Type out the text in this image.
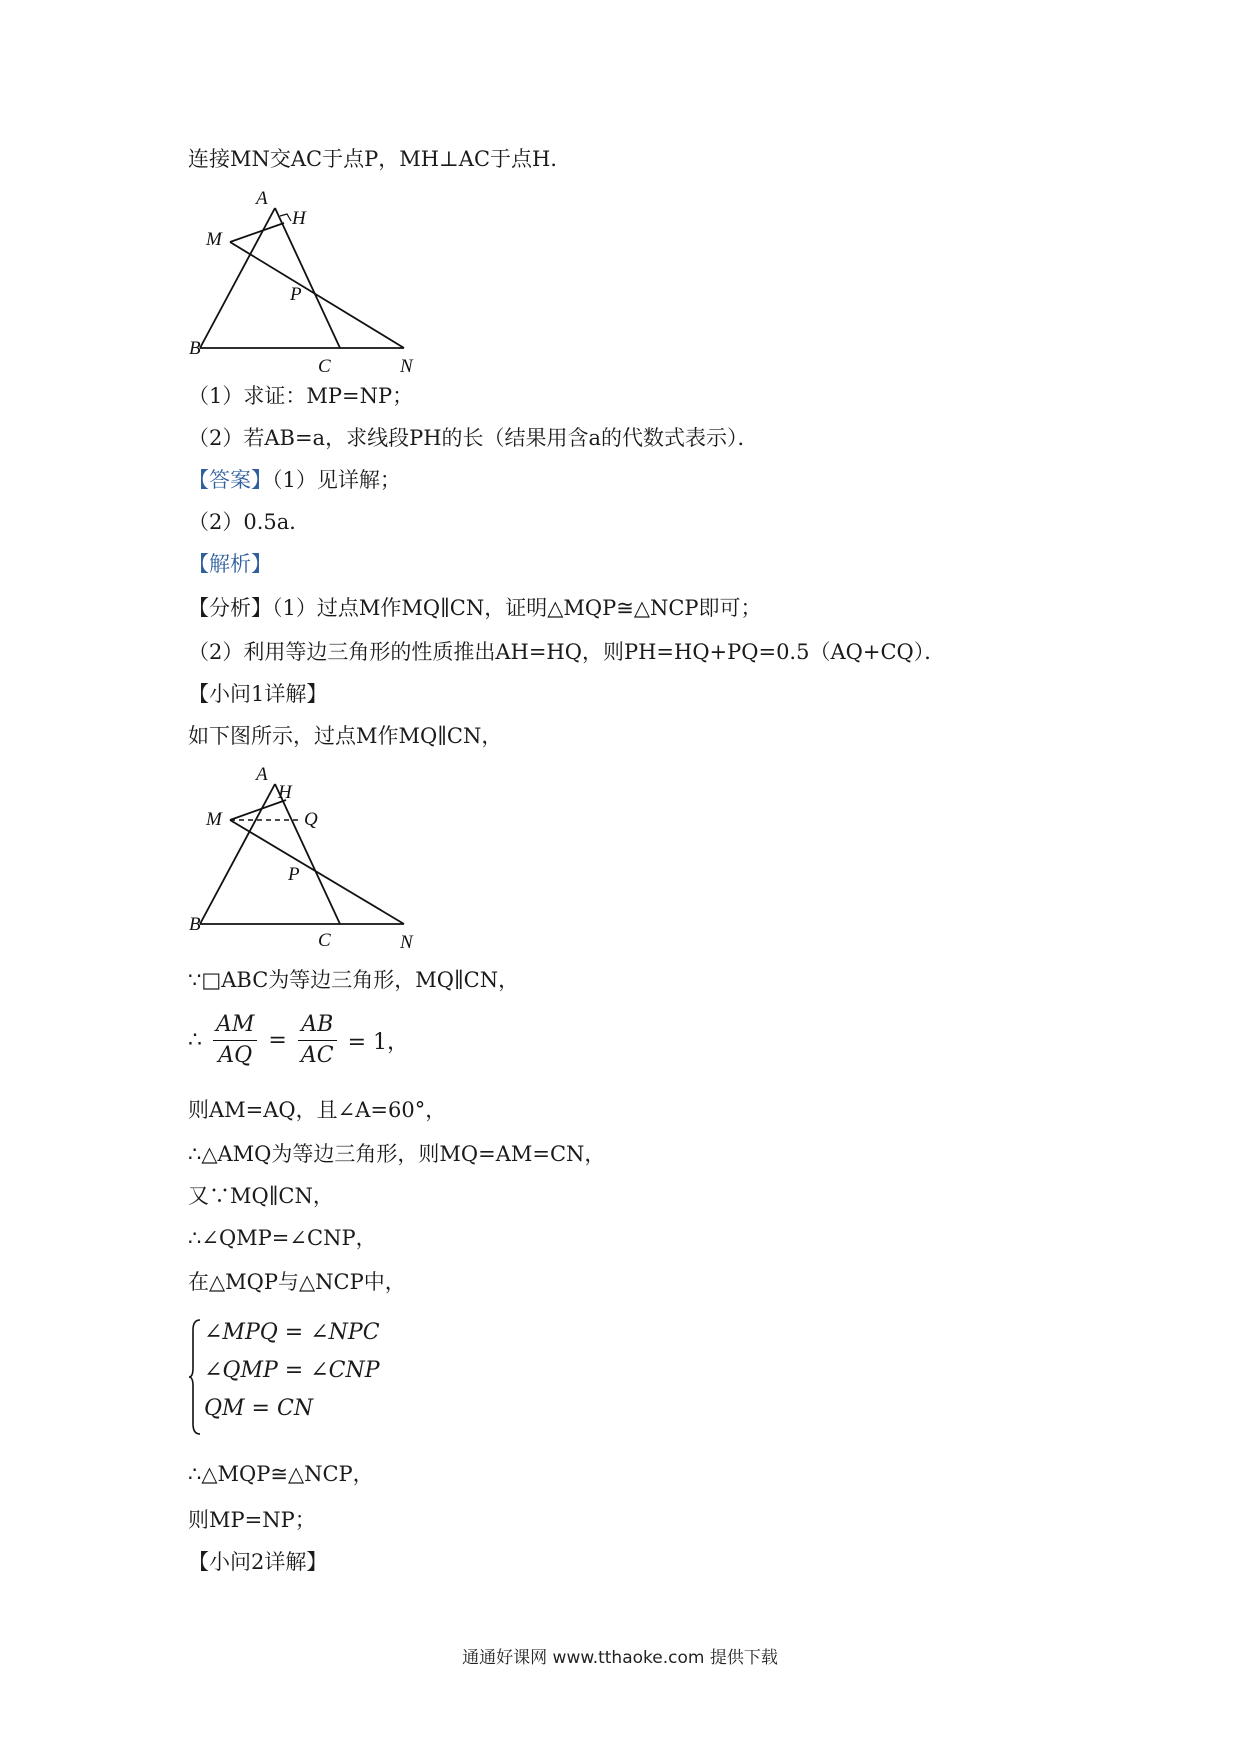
连接MN交AC于点P，MH⊥AC于点H．
A
H
M
P
B
C	N
（1）求证：MP=NP；
（2）若AB=a，求线段PH的长（结果用含a的代数式表示）．
【答案】（1）见详解；
（2）0.5a．
【解析】
【分析】（1）过点M作MQ∥CN，证明△MQP≅△NCP即可；
（2）利用等边三角形的性质推出AH=HQ，则PH=HQ+PQ=0.5（AQ+CQ）．
【小问1详解】
如下图所示，过点M作MQ∥CN，
A
H
M	Q
P
B
C	N
∵□ABC为等边三角形，MQ∥CN，
∴ $\frac{AM}{AQ} = \frac{AB}{AC} = 1$，
则AM=AQ，且∠A=60°，
∴△AMQ为等边三角形，则MQ=AM=CN，
又∵MQ∥CN，
∴∠QMP=∠CNP，
在△MQP与△NCP中，
∠MPQ = ∠NPC
∠QMP = ∠CNP
QM = CN
∴△MQP≅△NCP，
则MP=NP；
【小问2详解】
通通好课网 www.tthaoke.com 提供下载
